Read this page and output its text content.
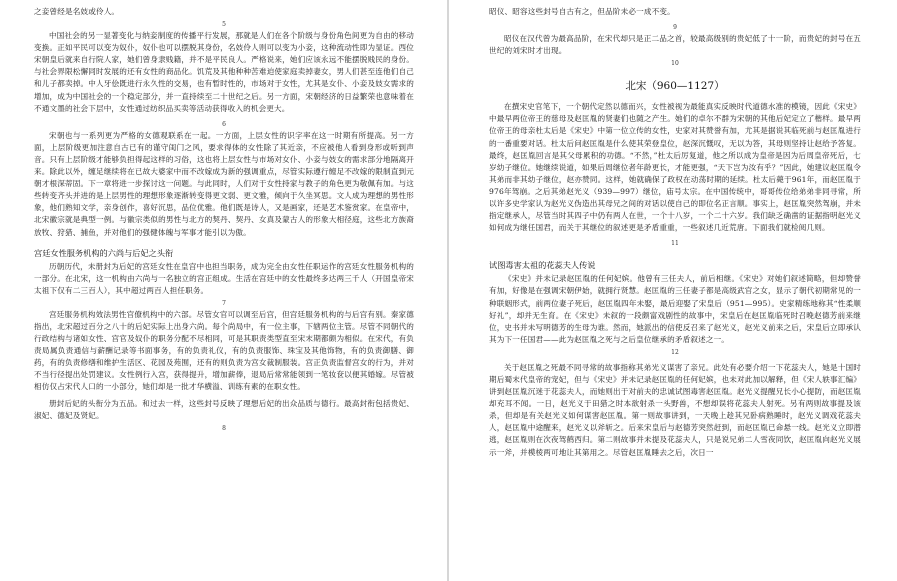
之妾曾经是名妓或伶人。

5

中国社会的另一显著变化与纳妾制度的传播平行发展，那就是人们在各个阶级与身份角色间更为自由的移动变换。正如平民可以变为奴仆，奴仆也可以摆脱其身份，名妓伶人则可以变为小妾，这种流动性即为显证。西位宋朝皇后就来自行院人家，她们曾身隶贱籍，并不是平民良人。严格说来，她们应该永远不能摆脱贱民的身份。与社会界限松懈同时发展的还有女性的商品化。饥荒及其他种种苦难迫使家庭卖掉妻女，男人们甚至连他们自己和儿子都卖掉。中人牙侩既进行永久性的交易，也有暂时性的，市场对于女性，尤其是女仆、小妾及妓女需求的增加，成为中国社会的一个稳定部分，并一直持续至二十世纪之后。另一方面，宋朝经济的日益繁荣也意味着在不通文墨的社会下层中，女性通过纺织品买卖等活动获得收入的机会更大。

6

宋朝也与一系列更为严格的女德观联系在一起。一方面，上层女性的识字率在这一时期有所提高。另一方面，上层阶级更加注意自古已有的谨守闺门之风，要求得体的女性除了其近亲，不应被他人看到身形或听到声音。只有上层阶级才能够负担得起这样的习俗，这也将上层女性与市场对女仆、小妾与妓女的需求部分地隔离开来。除此以外，缠足继续将在已故大婆家中而不改嫁成为新的强调重点，尽管实际遵行缠足不改嫁的限制直到元朝才根深蒂固。下一章将进一步探讨这一问题。与此同时，人们对于女性持家与教子的角色更为敬佩有加。与这些转变齐头并进的是上层男性的理想形象逐渐转变得更文弱、更文雅，倾向于久坐冥思。文人成为理想的男性形象，他们熟知文学，亲身创作，喜好沉思，品位优雅。他们既是诗人，又是画家，还是艺术鉴赏家。在皇帝中，北宋徽宗就是典型一例。与徽宗类似的男性与北方的契丹、契丹、女真及蒙古人的形象大相径庭，这些北方族裔放牧、狩猎、捕鱼，并对他们的强健体魄与军事才能引以为傲。

宫廷女性服务机构的六尚与后妃之头衔

历朝历代，未册封为后妃的宫廷女性在皇宫中也担当职务，成为完全由女性任职运作的宫廷女性服务机构的一部分。在北宋，这一机构由六尚与一名独立的宫正组成。生活在宫廷中的女性最终多达两三千人（开国皇帝宋太祖下仅有二三百人），其中超过两百人担任职务。

7

宫廷服务机构效法男性官僚机构中的六部。尽管女官可以调至后宫，但宫廷服务机构的与后宫有别。秦家德指出，北宋超过百分之八十的后妃实际上出身六尚。每个尚局中，有一位主事，下辖两位主管。尽管不同朝代的行政结构与诸如女性、宫官及奴仆的职务分配不尽相同，可是其职责类型直至宋末期都颇为相似。在宋代，有负责局属负责通信与薪酬记录等书面事务，有的负责礼仪，有的负责服饰、珠宝及其他饰物，有的负责御膳、御药，有的负责修缮和维护生活区、花园及苑囿，还有的则负责为宫女裁制服装。宫正负责监督宫女的行为，并对不当行径提出处罚建议。女性例行入宫，获得提升，增加薪俸，退局后常常能领到一笔妆奁以便其婚嫁。尽管被相仿仅占宋代人口的一小部分，她们却是一批才华横溢、训练有素的在职女性。

册封后妃的头衔分为五品。和过去一样，这些封号反映了理想后妃的出众品质与德行。最高封衔包括贵妃、淑妃、德妃及贤妃。

8

昭仪、昭容这些封号自古有之，但品阶未必一成不变。

9

昭仪在汉代曾为最高品阶，在宋代却只是正二品之首，较最高级别的贵妃低了十一阶，而贵妃的封号在五世纪的刘宋时才出现。

10
北宋（960—1127）

在撰宋史官笔下，一个朝代定然以德而兴，女性被视为最能真实反映时代道德水准的模镜，因此《宋史》中最早两位帝王的慈母及赵匡胤的贤妻们也随之产生。她们的卓尔不群为宋朝的其他后妃定立了楷样。最早两位帝王的母亲杜太后是《宋史》中第一位立传的女性，史家对其赞誉有加，尤其是据说其临死前与赵匡胤进行的一番重要对话。杜太后问赵匡胤是什么使其荣登皇位，赵深沉慨叹，无以为答，其母则坚持让赵给予答复。最终，赵匡胤回言是其父母累积的功德。“不然，”杜太后厉复道，他之所以成为皇帝是因为后周皇帝死后，七岁幼子继位。她继续说道，如果后周继位者年龄更长，才能更强，“天下岂为汝有乎？”因此，她建议赵匡胤令其弟而非其幼子继位，赵亦赞同。这样，她就确保了政权在动荡时期的延续。杜太后薨于961年，而赵匡胤于976年驾崩。之后其弟赵光义（939—997）继位，庙号太宗。在中国传统中，哥哥传位给弟弟非同寻常，所以许多史学家认为赵光义伪造出其母兄之间的对话以使自己的即位名正言顺。事实上，赵匡胤突然驾崩，并未指定继承人，尽管当时其四子中仍有两人在世，一个十八岁，一个二十六岁。我们缺乏确凿的证据指明赵光义如何成为继任国君，而关于其继位的叙述更是矛盾重重，一些叙述几近荒唐。下面我们就检阅几则。

11
试图毒害太祖的花蕊夫人传说

《宋史》并未记录赵匡胤的任何妃嫔。他曾有三任夫人，前后相继。《宋史》对她们叙述简略，但却赞誉有加，好像是在强调宋朝伊始，就拥行贤慧。赵匡胤的三任妻子都是高级武官之女，显示了朝代初期常见的一种联姻形式，前两位妻子死后，赵匡胤四年未娶，最后迎娶了宋皇后（951—995）。史家精练地称其“性柔顺好礼”，却并无生育。在《宋史》未叙的一段颇富戏剧性的故事中，宋皇后在赵匡胤临死时召晚赵德芳前来继位，史书并未写明德芳的生母为谁。然而，她派出的信使反召来了赵光义，赵光义前来之后，宋皇后立即承认其为下一任国君——此为赵匡胤之死与之后皇位继承的矛盾叙述之一。

12

关于赵匡胤之死最不同寻常的故事指称其弟光义谋害了亲兄。此处有必要介绍一下花蕊夫人，她是十国时期后蜀末代皇帝的宠妃，但与《宋史》并未记录赵匡胤的任何妃嫔，也未对此加以解释，但《宋人轶事汇编》讲到赵匡胤沉迷于花蕊夫人，而她则出于对前夫的忠诚试图毒害赵匡胤。赵光义提醒兄长小心提防，而赵匡胤却充耳不闻。一日，赵光义于田猎之时本欲射杀一头野兽，不想却误将花蕊夫人射死。另有两则故事提及该杀，但却是有关赵光义如何谋害赵匡胤。第一则故事讲到，一天晚上趁其兄卧病熟睡时，赵光义调戏花蕊夫人，赵匡胤中途醒来，赵光义以斧斩之。后来宋皇后与赵德芳突然赶到，而赵匡胤已命悬一线。赵光义立即潜逃，赵匡胤则在次夜驾鹤西归。第二则故事并未提及花蕊夫人，只是说兄弟二人雪夜同饮，赵匡胤向赵光义展示一斧，并模棱两可地让其第用之。尽管赵匡胤睡去之后，次日一
